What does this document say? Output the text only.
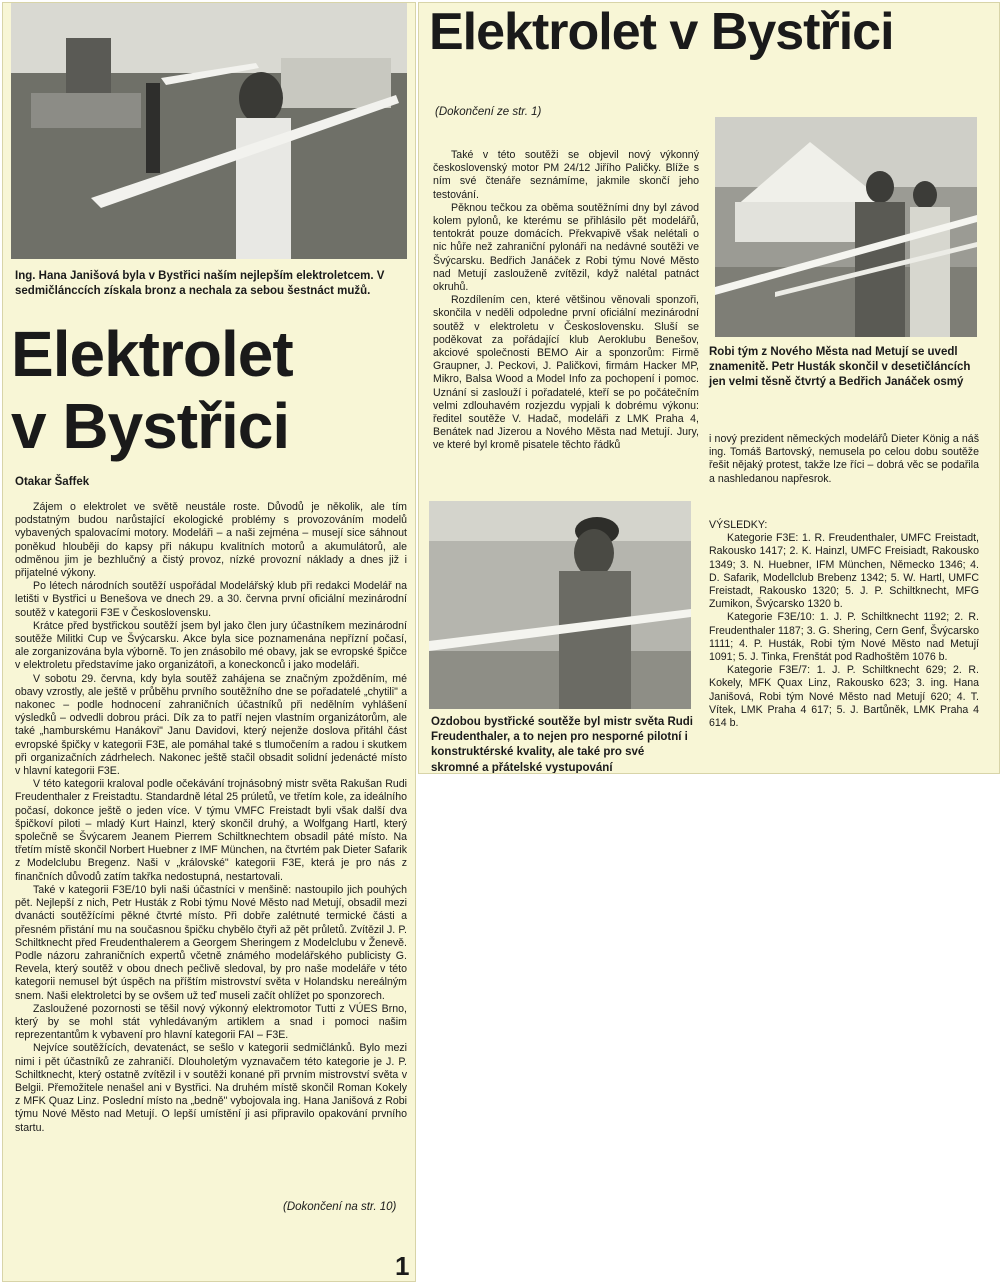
Ing. Hana Janišová byla v Bystřici naším nejlepším elektroletcem. V sedmičlánccích získala bronz a nechala za sebou šestnáct mužů.
Elektrolet
v Bystřici
Otakar Šaffek

Zájem o elektrolet ve světě neustále roste. Důvodů je několik, ale tím podstatným budou narůstající ekologické problémy s provozováním modelů vybavených spalovacími motory. Modeláři – a naši zejména – musejí sice sáhnout poněkud hlouběji do kapsy při nákupu kvalitních motorů a akumulátorů, ale odměnou jim je bezhlučný a čistý provoz, nízké provozní náklady a dnes již i přijatelné výkony.

Po létech národních soutěží uspořádal Modelářský klub při redakci Modelář na letišti v Bystřici u Benešova ve dnech 29. a 30. června první oficiální mezinárodní soutěž v kategorii F3E v Československu.

Krátce před bystřickou soutěží jsem byl jako člen jury účastníkem mezinárodní soutěže Militki Cup ve Švýcarsku. Akce byla sice poznamenána nepřízní počasí, ale zorganizována byla výborně. To jen znásobilo mé obavy, jak se evropské špičce v elektroletu představíme jako organizátoři, a koneckonců i jako modeláři.

V sobotu 29. června, kdy byla soutěž zahájena se značným zpožděním, mé obavy vzrostly, ale ještě v průběhu prvního soutěžního dne se pořadatelé „chytili" a nakonec – podle hodnocení zahraničních účastníků při nedělním vyhlášení výsledků – odvedli dobrou práci. Dík za to patří nejen vlastním organizátorům, ale také „hamburskému Hanákovi" Janu Davidovi, který nejenže doslova přitáhl část evropské špičky v kategorii F3E, ale pomáhal také s tlumočením a radou i skutkem při organizačních zádrhelech. Nakonec ještě stačil obsadit solidní jedenácté místo v hlavní kategorii F3E.

V této kategorii kraloval podle očekávání trojnásobný mistr světa Rakušan Rudi Freudenthaler z Freistadtu. Standardně létal 25 prúletů, ve třetím kole, za ideálního počasí, dokonce ještě o jeden více. V týmu VMFC Freistadt byli však další dva špičkoví piloti – mladý Kurt Hainzl, který skončil druhý, a Wolfgang Hartl, který společně se Švýcarem Jeanem Pierrem Schiltknechtem obsadil páté místo. Na třetím místě skončil Norbert Huebner z IMF München, na čtvrtém pak Dieter Safarik z Modelclubu Bregenz. Naši v „královské" kategorii F3E, která je pro nás z finančních důvodů zatím takřka nedostupná, nestartovali.

Také v kategorii F3E/10 byli naši účastníci v menšině: nastoupilo jich pouhých pět. Nejlepší z nich, Petr Husták z Robi týmu Nové Město nad Metují, obsadil mezi dvanácti soutěžícími pěkné čtvrté místo. Při dobře zalétnuté termické části a přesném přistání mu na současnou špičku chybělo čtyři až pět průletů. Zvítězil J. P. Schiltknecht před Freudenthalerem a Georgem Sheringem z Modelclubu v Ženevě. Podle názoru zahraničních expertů včetně známého modelářského publicisty G. Revela, který soutěž v obou dnech pečlivě sledoval, by pro naše modeláře v této kategorii nemusel být úspěch na příštím mistrovství světa v Holandsku nereálným snem. Naši elektroletci by se ovšem už teď museli začít ohlížet po sponzorech.

Zasloužené pozornosti se těšil nový výkonný elektromotor Tutti z VÚES Brno, který by se mohl stát vyhledávaným artiklem a snad i pomoci našim reprezentantům k vybavení pro hlavní kategorii FAI – F3E.

Nejvíce soutěžících, devatenáct, se sešlo v kategorii sedmičlánků. Bylo mezi nimi i pět účastníků ze zahraničí. Dlouholetým vyznavačem této kategorie je J. P. Schiltknecht, který ostatně zvítězil i v soutěži konané při prvním mistrovství světa v Belgii. Přemožitele nenašel ani v Bystřici. Na druhém místě skončil Roman Kokely z MFK Quaz Linz. Poslední místo na „bedně" vybojovala ing. Hana Janišová z Robi týmu Nové Město nad Metují. O lepší umístění ji asi připravilo opakování prvního startu.

(Dokončení na str. 10)
1
Elektrolet v Bystřici
(Dokončení ze str. 1)

Také v této soutěži se objevil nový výkonný československý motor PM 24/12 Jiřího Paličky. Blíže s ním své čtenáře seznámíme, jakmile skončí jeho testování.

Pěknou tečkou za oběma soutěžními dny byl závod kolem pylonů, ke kterému se přihlásilo pět modelářů, tentokrát pouze domácích. Překvapivě však nelétali o nic hůře než zahraniční pylonáři na nedávné soutěži ve Švýcarsku. Bedřich Janáček z Robi týmu Nové Město nad Metují zaslouženě zvítězil, když nalétal patnáct okruhů.

Rozdílením cen, které většinou věnovali sponzoři, skončila v neděli odpoledne první oficiální mezinárodní soutěž v elektroletu v Československu. Sluší se poděkovat za pořádající klub Aeroklubu Benešov, akciové společnosti BEMO Air a sponzorům: Firmě Graupner, J. Peckovi, J. Paličkovi, firmám Hacker MP, Mikro, Balsa Wood a Model Info za pochopení i pomoc. Uznání si zaslouží i pořadatelé, kteří se po počátečním velmi zdlouhavém rozjezdu vypjali k dobrému výkonu: ředitel soutěže V. Hadač, modeláři z LMK Praha 4, Benátek nad Jizerou a Nového Města nad Metují. Jury, ve které byl kromě pisatele těchto řádků

Robi tým z Nového Města nad Metují se uvedl znamenitě. Petr Husták skončil v desetičláncích jen velmi těsně čtvrtý a Bedřich Janáček osmý

i nový prezident německých modelářů Dieter König a náš ing. Tomáš Bartovský, nemusela po celou dobu soutěže řešit nějaký protest, takže lze říci – dobrá věc se podařila a nashledanou napřesrok.

Ozdobou bystřické soutěže byl mistr světa Rudi Freudenthaler, a to nejen pro nesporné pilotní i konstruktérské kvality, ale také pro své skromné a přátelské vystupování

VÝSLEDKY:

Kategorie F3E: 1. R. Freudenthaler, UMFC Freistadt, Rakousko 1417; 2. K. Hainzl, UMFC Freisiadt, Rakousko 1349; 3. N. Huebner, IFM München, Německo 1346; 4. D. Safarik, Modellclub Brebenz 1342; 5. W. Hartl, UMFC Freistadt, Rakousko 1320; 5. J. P. Schiltknecht, MFG Zumikon, Švýcarsko 1320 b.

Kategorie F3E/10: 1. J. P. Schiltknecht 1192; 2. R. Freudenthaler 1187; 3. G. Shering, Cern Genf, Švýcarsko 1111; 4. P. Husták, Robi tým Nové Město nad Metují 1091; 5. J. Tinka, Frenštát pod Radhoštěm 1076 b.

Kategorie F3E/7: 1. J. P. Schiltknecht 629; 2. R. Kokely, MFK Quax Linz, Rakousko 623; 3. ing. Hana Janišová, Robi tým Nové Město nad Metují 620; 4. T. Vítek, LMK Praha 4 617; 5. J. Bartůněk, LMK Praha 4 614 b.
